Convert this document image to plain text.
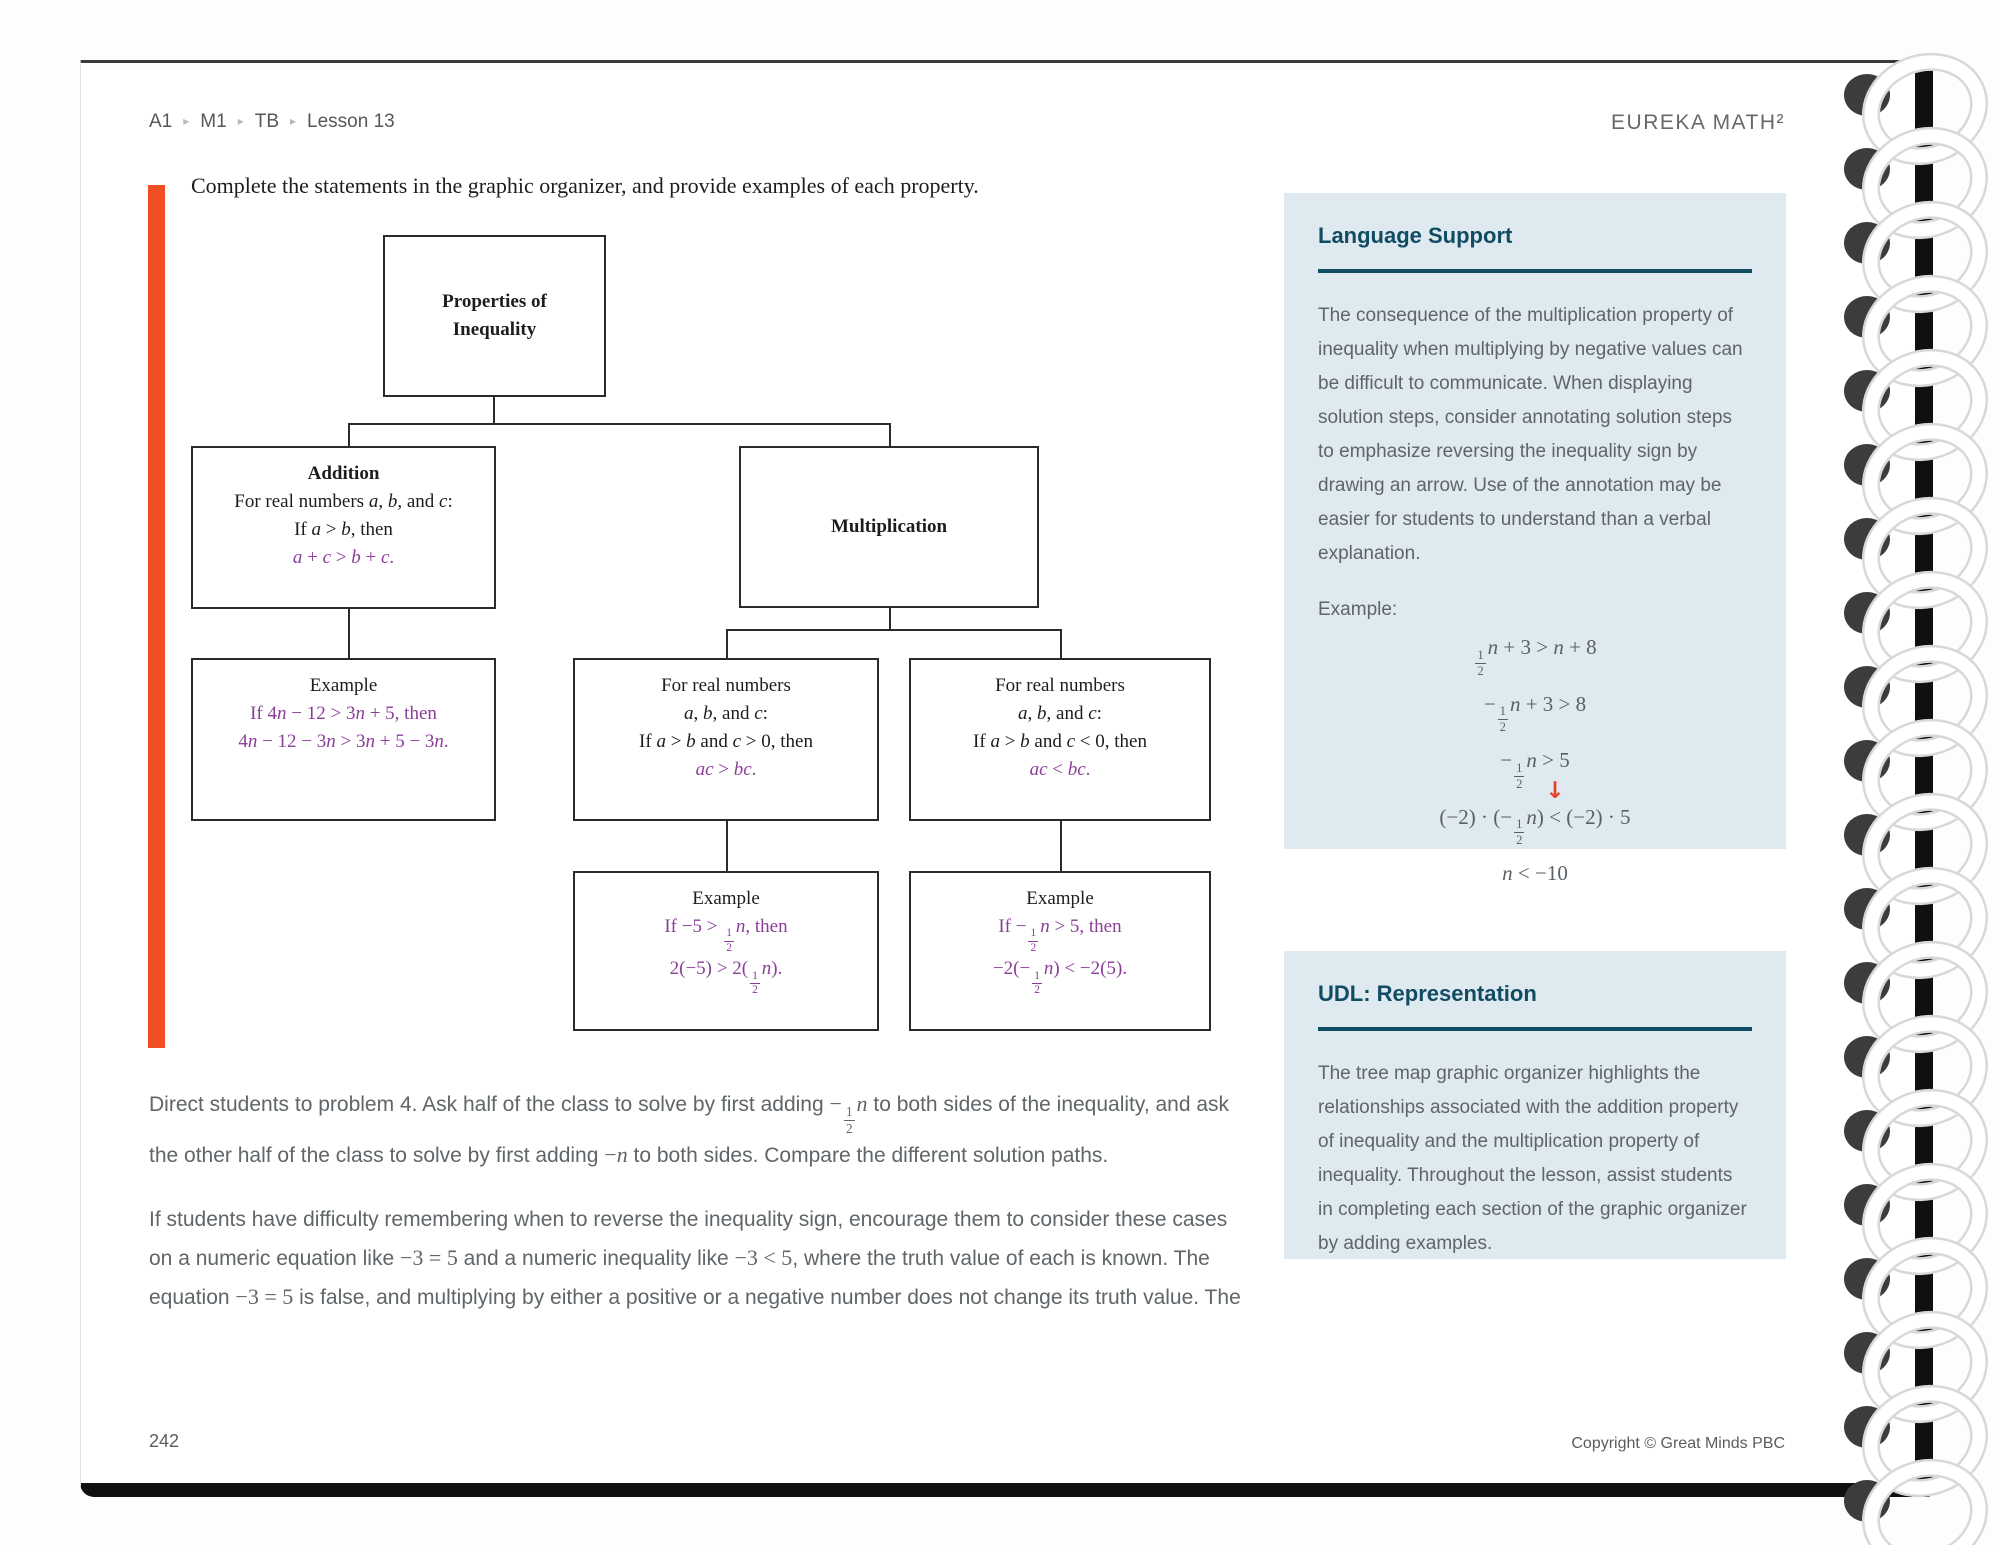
A1 ▸ M1 ▸ TB ▸ Lesson 13	EUREKA MATH²
Complete the statements in the graphic organizer, and provide examples of each property.
Properties of
Inequality
Addition
For real numbers a, b, and c:
If a > b, then
a + c > b + c.
Multiplication
Example
If 4n − 12 > 3n + 5, then
4n − 12 − 3n > 3n + 5 − 3n.
For real numbers
a, b, and c:
If a > b and c > 0, then
ac > bc.
For real numbers
a, b, and c:
If a > b and c < 0, then
ac < bc.
Example
If −5 >
$\frac{1}{2}$
n, then
2(−5) > 2(
$\frac{1}{2}$
n).
Example
If −
$\frac{1}{2}$
n > 5, then
−2(−
$\frac{1}{2}$
n) < −2(5).
Language Support
The consequence of the multiplication property of inequality when multiplying by negative values can be difficult to communicate. When displaying solution steps, consider annotating solution steps to emphasize reversing the inequality sign by drawing an arrow. Use of the annotation may be easier for students to understand than a verbal explanation.
Example:
$\frac{1}{2}$
n + 3 > n + 8
−
$\frac{1}{2}$
n + 3 > 8
−
$\frac{1}{2}$
n > 5
(−2) · (−
$\frac{1}{2}$
n)
↓
< (−2) · 5
n < −10
UDL: Representation
The tree map graphic organizer highlights the relationships associated with the addition property of inequality and the multiplication property of inequality. Throughout the lesson, assist students in completing each section of the graphic organizer by adding examples.

Direct students to problem 4. Ask half of the class to solve by first adding −
$\frac{1}{2}$
n to both sides of the inequality, and ask the other half of the class to solve by first adding −n to both sides. Compare the different solution paths.

If students have difficulty remembering when to reverse the inequality sign, encourage them to consider these cases on a numeric equation like −3 = 5 and a numeric inequality like −3 < 5, where the truth value of each is known. The equation −3 = 5 is false, and multiplying by either a positive or a negative number does not change its truth value. The

242	Copyright © Great Minds PBC
